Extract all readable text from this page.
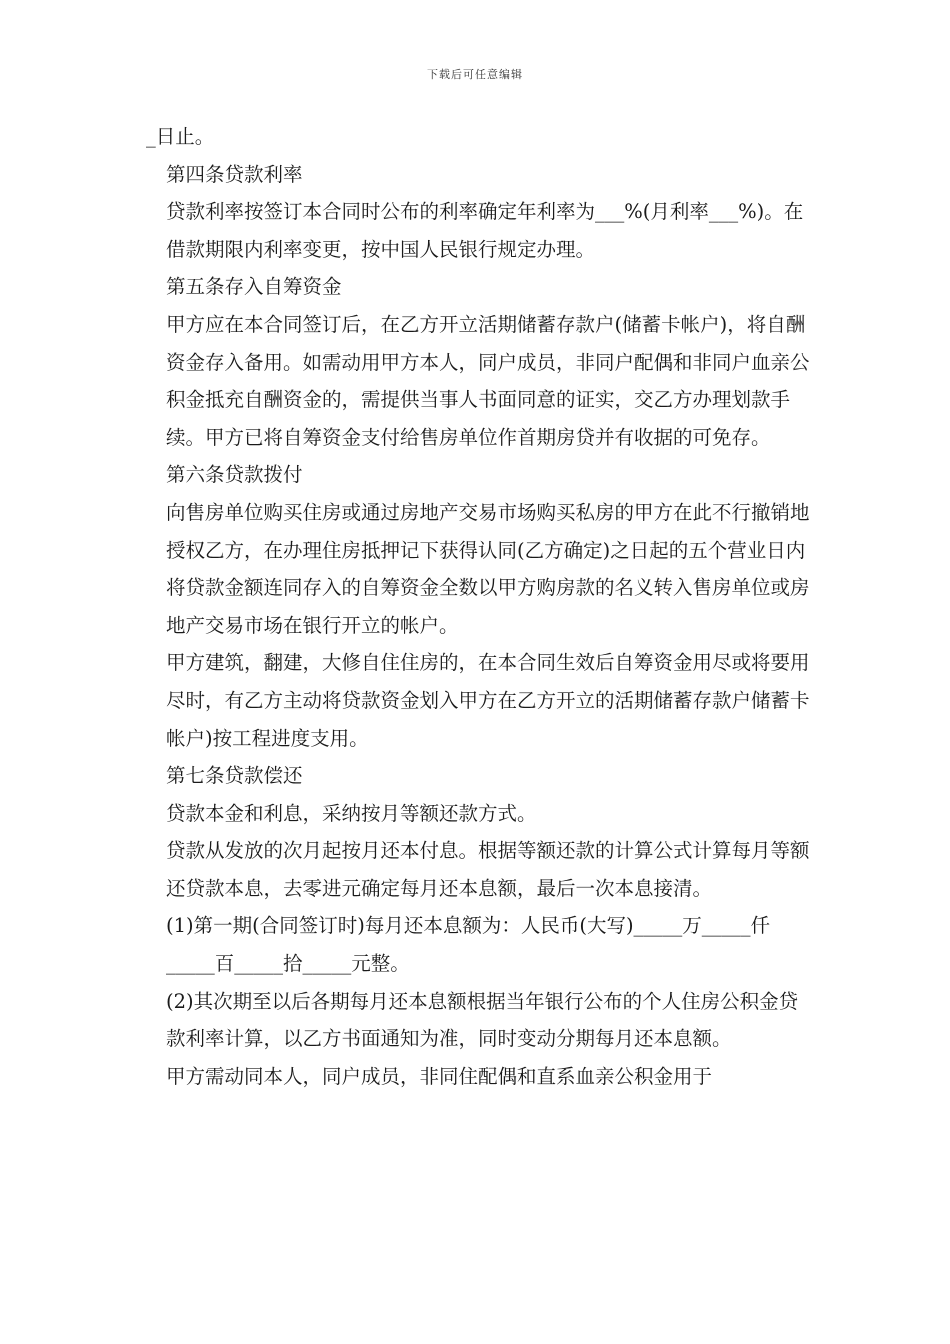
下载后可任意编辑

_日止。

第四条贷款利率

贷款利率按签订本合同时公布的利率确定年利率为___%(月利率___%)。在借款期限内利率变更，按中国人民银行规定办理。

第五条存入自筹资金

甲方应在本合同签订后，在乙方开立活期储蓄存款户(储蓄卡帐户)，将自酬资金存入备用。如需动用甲方本人，同户成员，非同户配偶和非同户血亲公积金抵充自酬资金的，需提供当事人书面同意的证实，交乙方办理划款手续。甲方已将自筹资金支付给售房单位作首期房贷并有收据的可免存。

第六条贷款拨付

向售房单位购买住房或通过房地产交易市场购买私房的甲方在此不行撤销地授权乙方，在办理住房抵押记下获得认同(乙方确定)之日起的五个营业日内将贷款金额连同存入的自筹资金全数以甲方购房款的名义转入售房单位或房地产交易市场在银行开立的帐户。

甲方建筑，翻建，大修自住住房的，在本合同生效后自筹资金用尽或将要用尽时，有乙方主动将贷款资金划入甲方在乙方开立的活期储蓄存款户储蓄卡帐户)按工程进度支用。

第七条贷款偿还

贷款本金和利息，采纳按月等额还款方式。

贷款从发放的次月起按月还本付息。根据等额还款的计算公式计算每月等额还贷款本息，去零进元确定每月还本息额，最后一次本息接清。

(1)第一期(合同签订时)每月还本息额为：人民币(大写)_____万_____仟_____百_____拾_____元整。

(2)其次期至以后各期每月还本息额根据当年银行公布的个人住房公积金贷款利率计算，以乙方书面通知为准，同时变动分期每月还本息额。

甲方需动同本人，同户成员，非同住配偶和直系血亲公积金用于
